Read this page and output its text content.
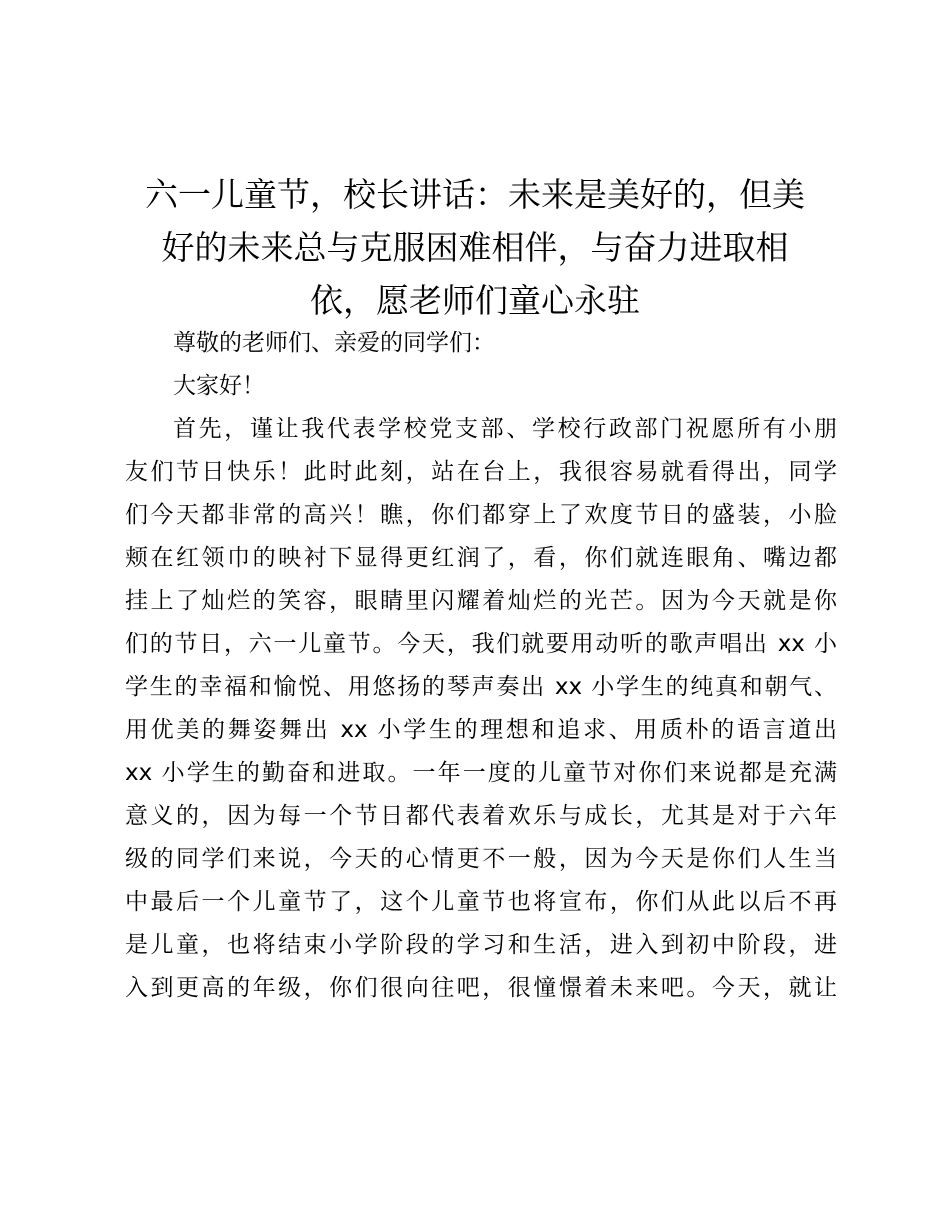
六一儿童节，校长讲话：未来是美好的，但美
好的未来总与克服困难相伴，与奋力进取相
依，愿老师们童心永驻
尊敬的老师们、亲爱的同学们：
大家好！
首先，谨让我代表学校党支部、学校行政部门祝愿所有小朋
友们节日快乐！此时此刻，站在台上，我很容易就看得出，同学
们今天都非常的高兴！瞧，你们都穿上了欢度节日的盛装，小脸
颊在红领巾的映衬下显得更红润了，看，你们就连眼角、嘴边都
挂上了灿烂的笑容，眼睛里闪耀着灿烂的光芒。因为今天就是你
们的节日，六一儿童节。今天，我们就要用动听的歌声唱出 xx 小
学生的幸福和愉悦、用悠扬的琴声奏出 xx 小学生的纯真和朝气、
用优美的舞姿舞出 xx 小学生的理想和追求、用质朴的语言道出
xx 小学生的勤奋和进取。一年一度的儿童节对你们来说都是充满
意义的，因为每一个节日都代表着欢乐与成长，尤其是对于六年
级的同学们来说，今天的心情更不一般，因为今天是你们人生当
中最后一个儿童节了，这个儿童节也将宣布，你们从此以后不再
是儿童，也将结束小学阶段的学习和生活，进入到初中阶段，进
入到更高的年级，你们很向往吧，很憧憬着未来吧。今天，就让
